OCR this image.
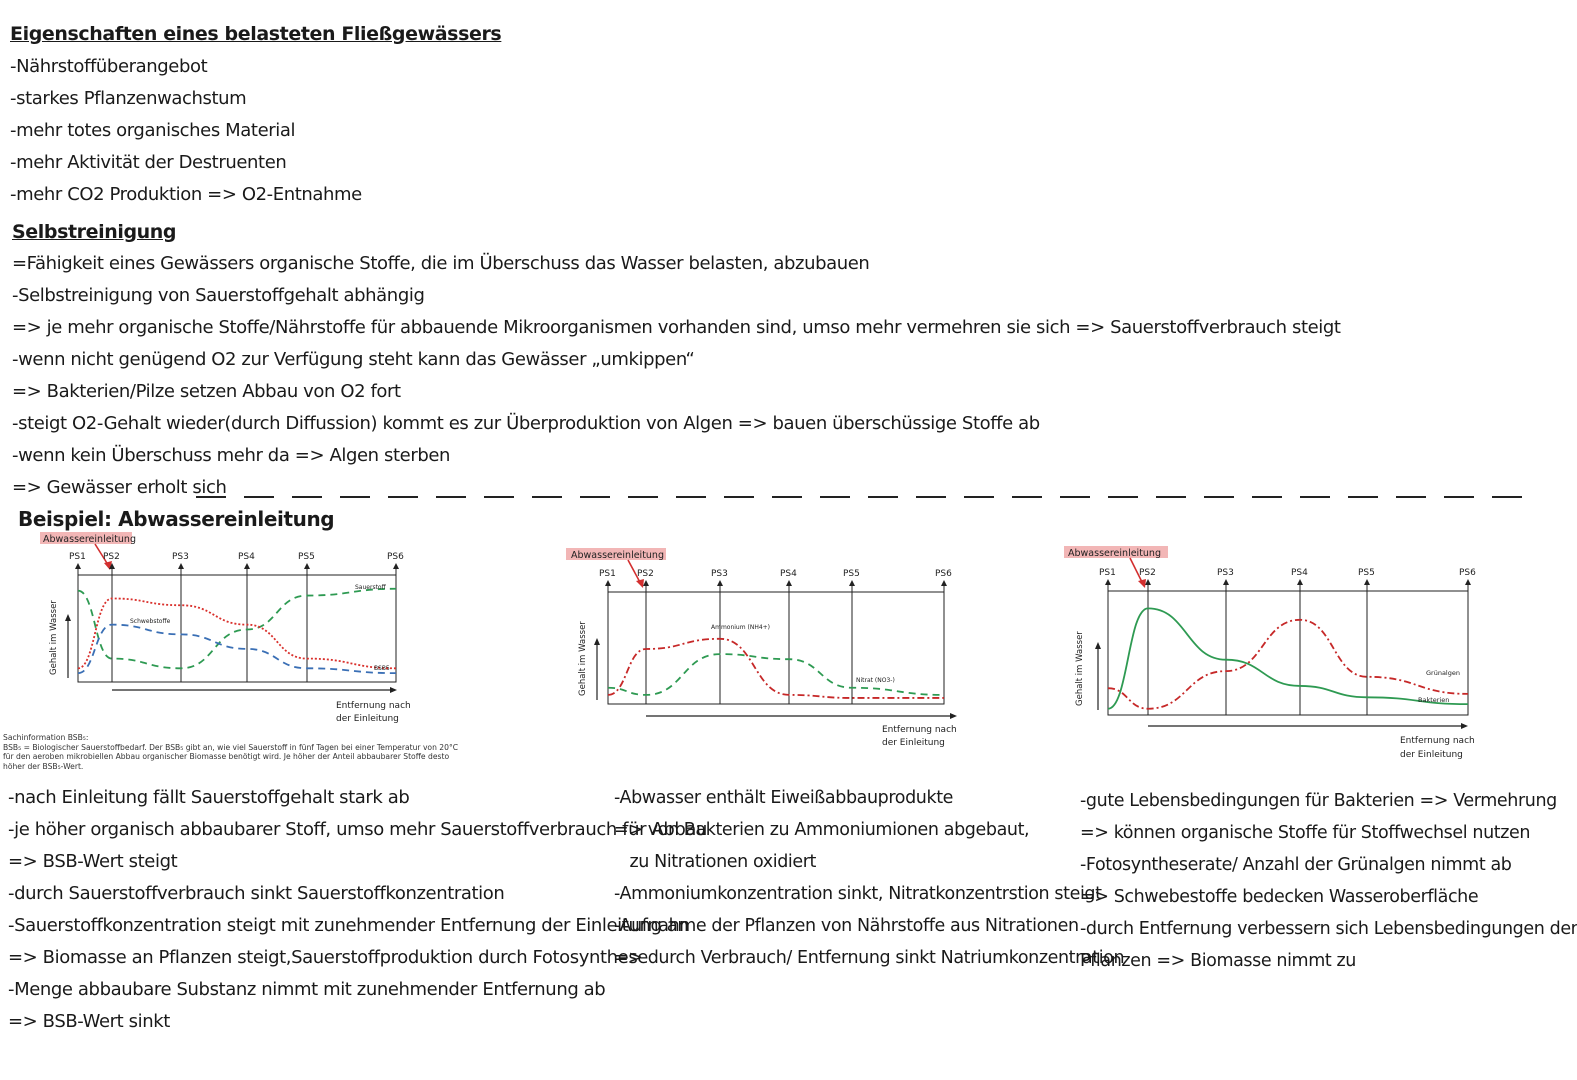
Eigenschaften eines belasteten Fließgewässers
-Nährstoffüberangebot
-starkes Pflanzenwachstum
-mehr totes organisches Material
-mehr Aktivität der Destruenten
-mehr CO2 Produktion => O2-Entnahme
Selbstreinigung
=Fähigkeit eines Gewässers organische Stoffe, die im Überschuss das Wasser belasten, abzubauen
-Selbstreinigung von Sauerstoffgehalt abhängig
=> je mehr organische Stoffe/Nährstoffe für abbauende Mikroorganismen vorhanden sind, umso mehr vermehren sie sich => Sauerstoffverbrauch steigt
-wenn nicht genügend O2 zur Verfügung steht kann das Gewässer „umkippen“
=> Bakterien/Pilze setzen Abbau von O2 fort
-steigt O2-Gehalt wieder(durch Diffussion) kommt es zur Überproduktion von Algen => bauen überschüssige Stoffe ab
-wenn kein Überschuss mehr da => Algen sterben
=> Gewässer erholt sich
Beispiel: Abwassereinleitung
Abwassereinleitung
PS1 PS2	PS3	PS4	PS5	PS6
Sauerstoff
Schwebstoffe
BSB5
Gehalt im Wasser
Entfernung nach
der Einleitung
Sachinformation BSB₅:
BSB₅ = Biologischer Sauerstoffbedarf. Der BSB₅ gibt an, wie viel Sauerstoff in fünf Tagen bei einer Temperatur von 20°C für den aeroben mikrobiellen Abbau organischer Biomasse benötigt wird. Je höher der Anteil abbaubarer Stoffe desto höher der BSB₅-Wert.
Abwassereinleitung
PS1 PS2	PS3	PS4	PS5	PS6
Ammonium (NH4+)
Nitrat (NO3-)
Gehalt im Wasser
Entfernung nach
der Einleitung
Abwassereinleitung
PS1	PS2	PS3	PS4	PS5	PS6
Grünalgen
Bakterien
Gehalt im Wasser
Entfernung nach
der Einleitung
-nach Einleitung fällt Sauerstoffgehalt stark ab
-je höher organisch abbaubarer Stoff, umso mehr Sauerstoffverbrauch für Abbau
=> BSB-Wert steigt
-durch Sauerstoffverbrauch sinkt Sauerstoffkonzentration
-Sauerstoffkonzentration steigt mit zunehmender Entfernung der Einleitung an
=> Biomasse an Pflanzen steigt,Sauerstoffproduktion durch Fotosynthese
-Menge abbaubare Substanz nimmt mit zunehmender Entfernung ab
=> BSB-Wert sinkt
-Abwasser enthält Eiweißabbauprodukte
=> von Bakterien zu Ammoniumionen abgebaut,
zu Nitrationen oxidiert
-Ammoniumkonzentration sinkt, Nitratkonzentrstion steigt
-Aufnahme der Pflanzen von Nährstoffe aus Nitrationen
=> durch Verbrauch/ Entfernung sinkt Natriumkonzentration
-gute Lebensbedingungen für Bakterien => Vermehrung
=> können organische Stoffe für Stoffwechsel nutzen
-Fotosyntheserate/ Anzahl der Grünalgen nimmt ab
=> Schwebestoffe bedecken Wasseroberfläche
-durch Entfernung verbessern sich Lebensbedingungen der
Pflanzen => Biomasse nimmt zu
